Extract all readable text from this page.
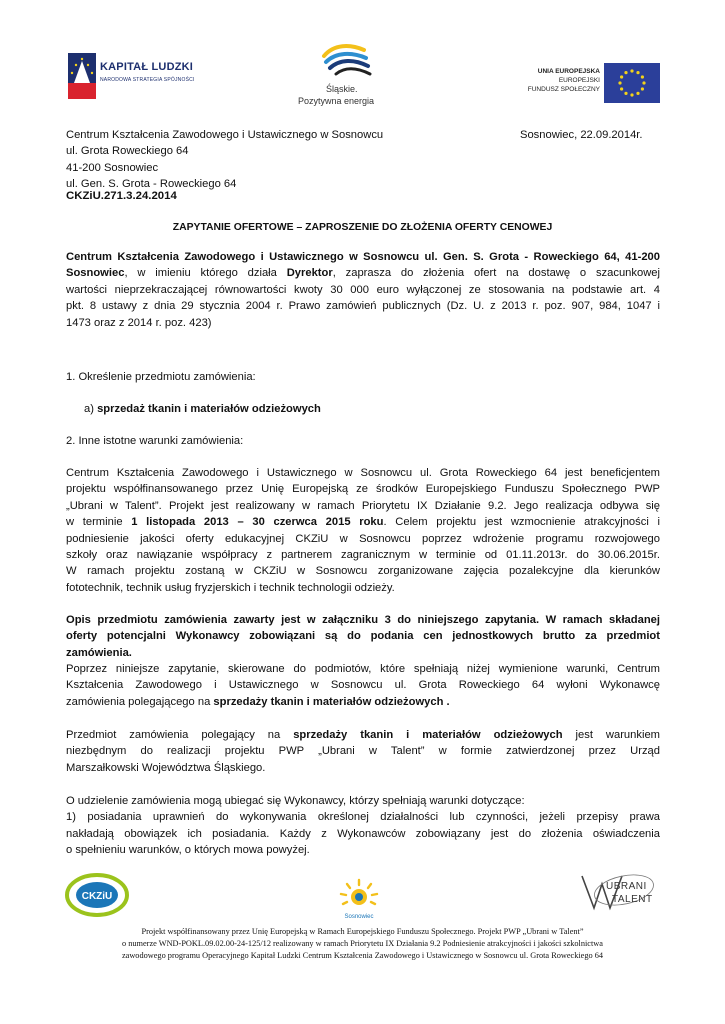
KAPITAŁ LUDZKI
NARODOWA STRATEGIA SPÓJNOŚCI
Śląskie.
Pozytywna energia
UNIA EUROPEJSKA
EUROPEJSKI
FUNDUSZ SPOŁECZNY
Centrum Kształcenia Zawodowego i Ustawicznego w Sosnowcu
ul. Grota Roweckiego 64
41-200 Sosnowiec
ul. Gen. S. Grota - Roweckiego 64
Sosnowiec, 22.09.2014r.
CKZiU.271.3.24.2014
ZAPYTANIE OFERTOWE – ZAPROSZENIE DO ZŁOŻENIA OFERTY CENOWEJ
Centrum Kształcenia Zawodowego i Ustawicznego w Sosnowcu ul. Gen. S. Grota - Roweckiego 64, 41-200
Sosnowiec, w imieniu którego działa Dyrektor, zaprasza do złożenia ofert na dostawę o szacunkowej
wartości nieprzekraczającej równowartości kwoty 30 000 euro wyłączonej ze stosowania na podstawie art. 4
pkt. 8 ustawy z dnia 29 stycznia 2004 r. Prawo zamówień publicznych (Dz. U. z 2013 r. poz. 907, 984, 1047 i
1473 oraz z 2014 r. poz. 423)
1. Określenie przedmiotu zamówienia:
a) sprzedaż tkanin i materiałów odzieżowych
2. Inne istotne warunki zamówienia:
Centrum Kształcenia Zawodowego i Ustawicznego w Sosnowcu ul. Grota Roweckiego 64 jest beneficjentem
projektu współfinansowanego przez Unię Europejską ze środków Europejskiego Funduszu Społecznego PWP
„Ubrani w Talent”. Projekt jest realizowany w ramach Priorytetu IX Działanie 9.2. Jego realizacja odbywa się
w terminie 1 listopada 2013 – 30 czerwca 2015 roku. Celem projektu jest wzmocnienie atrakcyjności i
podniesienie jakości oferty edukacyjnej CKZiU w Sosnowcu poprzez wdrożenie programu rozwojowego
szkoły oraz nawiązanie współpracy z partnerem zagranicznym w terminie od 01.11.2013r. do 30.06.2015r.
W ramach projektu zostaną w CKZiU w Sosnowcu zorganizowane zajęcia pozalekcyjne dla kierunków
fototechnik, technik usług fryzjerskich i technik technologii odzieży.
Opis przedmiotu zamówienia zawarty jest w załączniku 3 do niniejszego zapytania. W ramach składanej
oferty potencjalni Wykonawcy zobowiązani są do podania cen jednostkowych brutto za przedmiot
zamówienia.
Poprzez niniejsze zapytanie, skierowane do podmiotów, które spełniają niżej wymienione warunki, Centrum
Kształcenia Zawodowego i Ustawicznego w Sosnowcu ul. Grota Roweckiego 64 wyłoni Wykonawcę
zamówienia polegającego na sprzedaży tkanin i materiałów odzieżowych .
Przedmiot zamówienia polegający na sprzedaży tkanin i materiałów odzieżowych jest warunkiem
niezbędnym do realizacji projektu PWP „Ubrani w Talent” w formie zatwierdzonej przez Urząd
Marszałkowski Województwa Śląskiego.
O udzielenie zamówienia mogą ubiegać się Wykonawcy, którzy spełniają warunki dotyczące:
1) posiadania uprawnień do wykonywania określonej działalności lub czynności, jeżeli przepisy prawa
nakładają obowiązek ich posiadania. Każdy z Wykonawców zobowiązany jest do złożenia oświadczenia
o spełnieniu warunków, o których mowa powyżej.
CKZiU
Sosnowiec
UBRANI
TALENT
Projekt współfinansowany przez Unię Europejską w Ramach Europejskiego Funduszu Społecznego. Projekt PWP „Ubrani w Talent”
o numerze WND-POKL.09.02.00-24-125/12 realizowany w ramach Priorytetu IX Działania 9.2 Podniesienie atrakcyjności i jakości szkolnictwa
zawodowego programu Operacyjnego Kapitał Ludzki Centrum Kształcenia Zawodowego i Ustawicznego w Sosnowcu ul. Grota Roweckiego 64
